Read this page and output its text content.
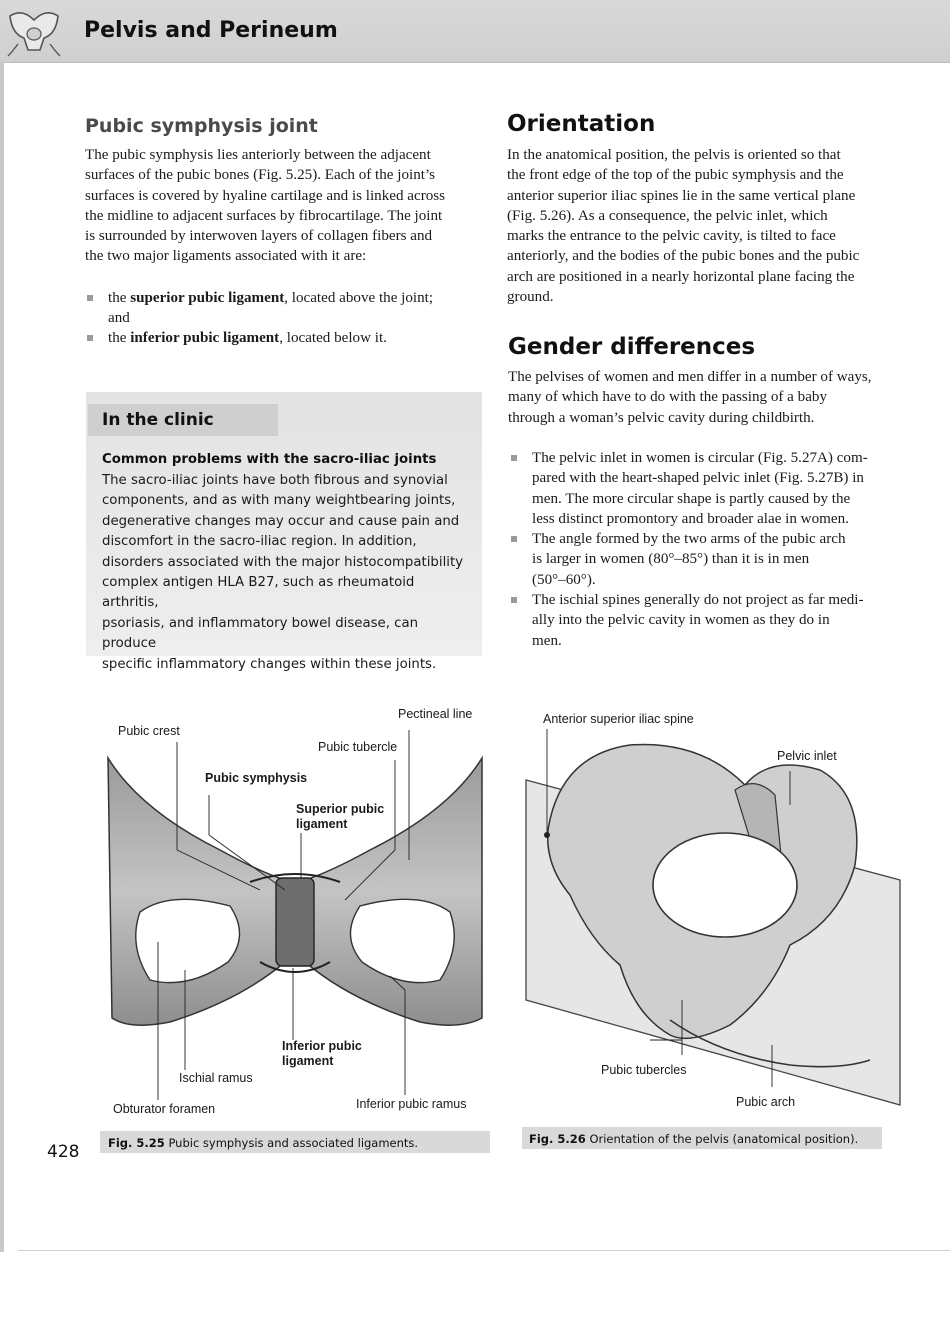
Pelvis and Perineum
Pubic symphysis joint
The pubic symphysis lies anteriorly between the adjacent
surfaces of the pubic bones (Fig. 5.25). Each of the joint’s
surfaces is covered by hyaline cartilage and is linked across
the midline to adjacent surfaces by fibrocartilage. The joint
is surrounded by interwoven layers of collagen fibers and
the two major ligaments associated with it are:
the superior pubic ligament, located above the joint;
and
the inferior pubic ligament, located below it.
In the clinic
Common problems with the sacro-iliac joints
The sacro-iliac joints have both fibrous and synovial
components, and as with many weightbearing joints,
degenerative changes may occur and cause pain and
discomfort in the sacro-iliac region. In addition,
disorders associated with the major histocompatibility
complex antigen HLA B27, such as rheumatoid arthritis,
psoriasis, and inflammatory bowel disease, can produce
specific inflammatory changes within these joints.
Orientation
In the anatomical position, the pelvis is oriented so that
the front edge of the top of the pubic symphysis and the
anterior superior iliac spines lie in the same vertical plane
(Fig. 5.26). As a consequence, the pelvic inlet, which
marks the entrance to the pelvic cavity, is tilted to face
anteriorly, and the bodies of the pubic bones and the pubic
arch are positioned in a nearly horizontal plane facing the
ground.
Gender differences
The pelvises of women and men differ in a number of ways,
many of which have to do with the passing of a baby
through a woman’s pelvic cavity during childbirth.
The pelvic inlet in women is circular (Fig. 5.27A) com-
pared with the heart-shaped pelvic inlet (Fig. 5.27B) in
men. The more circular shape is partly caused by the
less distinct promontory and broader alae in women.
The angle formed by the two arms of the pubic arch
is larger in women (80°–85°) than it is in men
(50°–60°).
The ischial spines generally do not project as far medi-
ally into the pelvic cavity in women as they do in
men.
Pectineal line
Pubic crest
Pubic tubercle
Pubic symphysis
Superior pubic
ligament
Inferior pubic
ligament
Ischial ramus
Obturator foramen	Inferior pubic ramus
Fig. 5.25 Pubic symphysis and associated ligaments.
Anterior superior iliac spine
Pelvic inlet
Pubic tubercles
Pubic arch
Fig. 5.26 Orientation of the pelvis (anatomical position).
428
